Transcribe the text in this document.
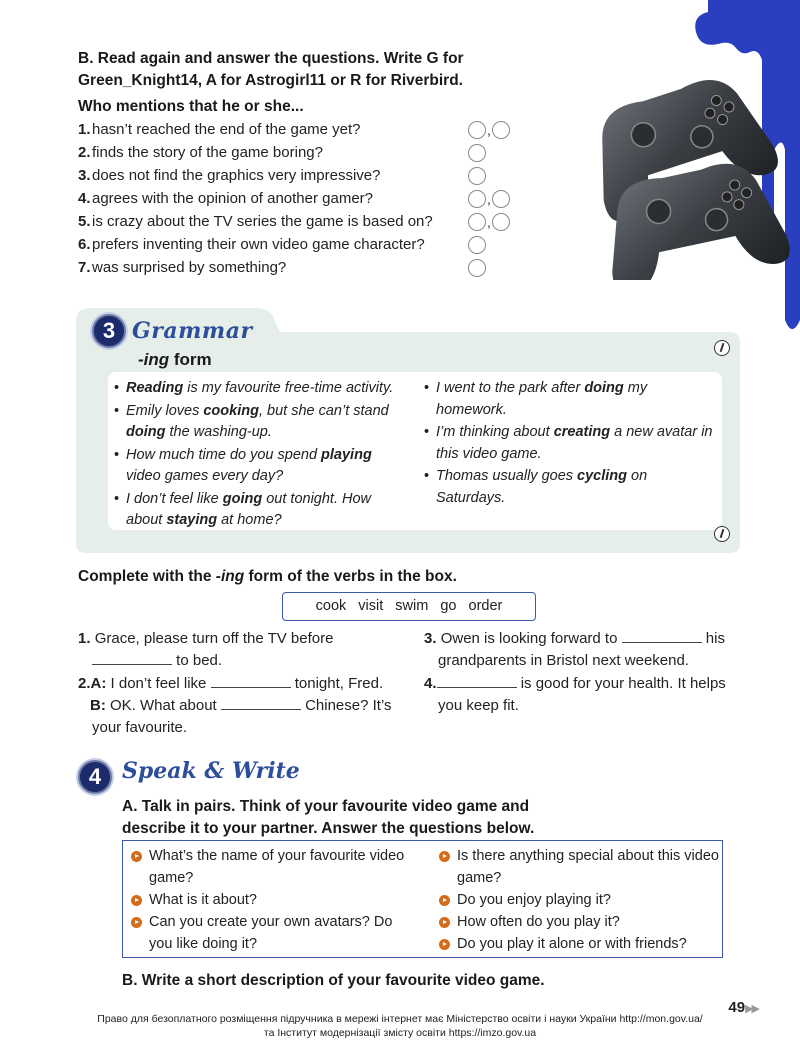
B. Read again and answer the questions. Write G for Green_Knight14, A for Astrogirl11 or R for Riverbird.
Who mentions that he or she...
1.hasn’t reached the end of the game yet?	,
2.finds the story of the game boring?
3.does not find the graphics very impressive?
4.agrees with the opinion of another gamer?	,
5.is crazy about the TV series the game is based on?	,
6.prefers inventing their own video game character?
7.was surprised by something?
3 Grammar
-ing form
• Reading is my favourite free-time activity.
• Emily loves cooking, but she can’t stand doing the washing-up.
• How much time do you spend playing video games every day?
• I don’t feel like going out tonight. How about staying at home?
• I went to the park after doing my homework.
• I’m thinking about creating a new avatar in this video game.
• Thomas usually goes cycling on Saturdays.
Complete with the -ing form of the verbs in the box.
cook visit swim go order
1. Grace, please turn off the TV before
to bed.
2.A: I don’t feel like	tonight, Fred.
B: OK. What about	Chinese? It’s
your favourite.
3. Owen is looking forward to	his
grandparents in Bristol next weekend.
4.	is good for your health. It helps
you keep fit.
4 Speak & Write
A. Talk in pairs. Think of your favourite video game and describe it to your partner. Answer the questions below.
What’s the name of your favourite video game?
What is it about?
Can you create your own avatars? Do you like doing it?
Is there anything special about this video game?
Do you enjoy playing it?
How often do you play it?
Do you play it alone or with friends?
B. Write a short description of your favourite video game.
49▶▶
Право для безоплатного розміщення підручника в мережі інтернет має Міністерство освіти і науки України http://mon.gov.ua/
та Інститут модернізації змісту освіти https://imzo.gov.ua
